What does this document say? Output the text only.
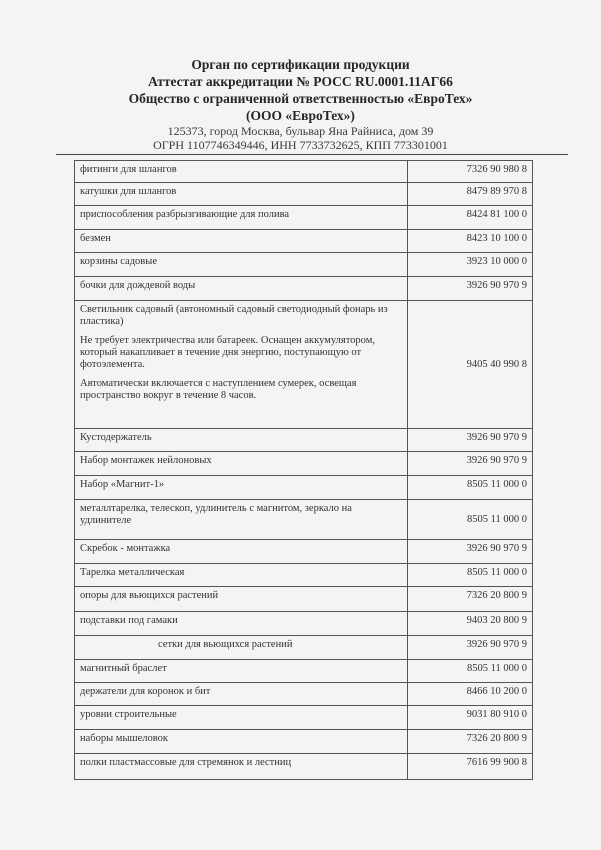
Орган по сертификации продукции
Аттестат аккредитации № РОСС RU.0001.11АГ66
Общество с ограниченной ответственностью «ЕвроТех»
(ООО «ЕвроТех»)
125373, город Москва, бульвар Яна Райниса, дом 39
ОГРН 1107746349446, ИНН 7733732625, КПП 773301001
фитинги для шлангов	7326 90 980 8
катушки для шлангов	8479 89 970 8
приспособления разбрызгивающие для полива	8424 81 100 0
безмен	8423 10 100 0
корзины садовые	3923 10 000 0
бочки для дождевой воды	3926 90 970 9

Светильник садовый (автономный садовый светодиодный фонарь из пластика)
Не требует электричества или батареек. Оснащен аккумулятором, который накапливает в течение дня энергию, поступающую от фотоэлемента.
Автоматически включается с наступлением сумерек, освещая пространство вокруг в течение 8 часов.	9405 40 990 8
Кустодержатель	3926 90 970 9
Набор монтажек нейлоновых	3926 90 970 9
Набор «Магнит-1»	8505 11 000 0
металлтарелка, телескоп, удлинитель с магнитом, зеркало на удлинителе	8505 11 000 0
Скребок - монтажка	3926 90 970 9
Тарелка металлическая	8505 11 000 0
опоры для вьющихся растений	7326 20 800 9
подставки под гамаки	9403 20 800 9

сетки для вьющихся растений	3926 90 970 9
магнитный браслет	8505 11 000 0
держатели для коронок и бит	8466 10 200 0
уровни строительные	9031 80 910 0
наборы мышеловок	7326 20 800 9
полки пластмассовые для стремянок и лестниц	7616 99 900 8
